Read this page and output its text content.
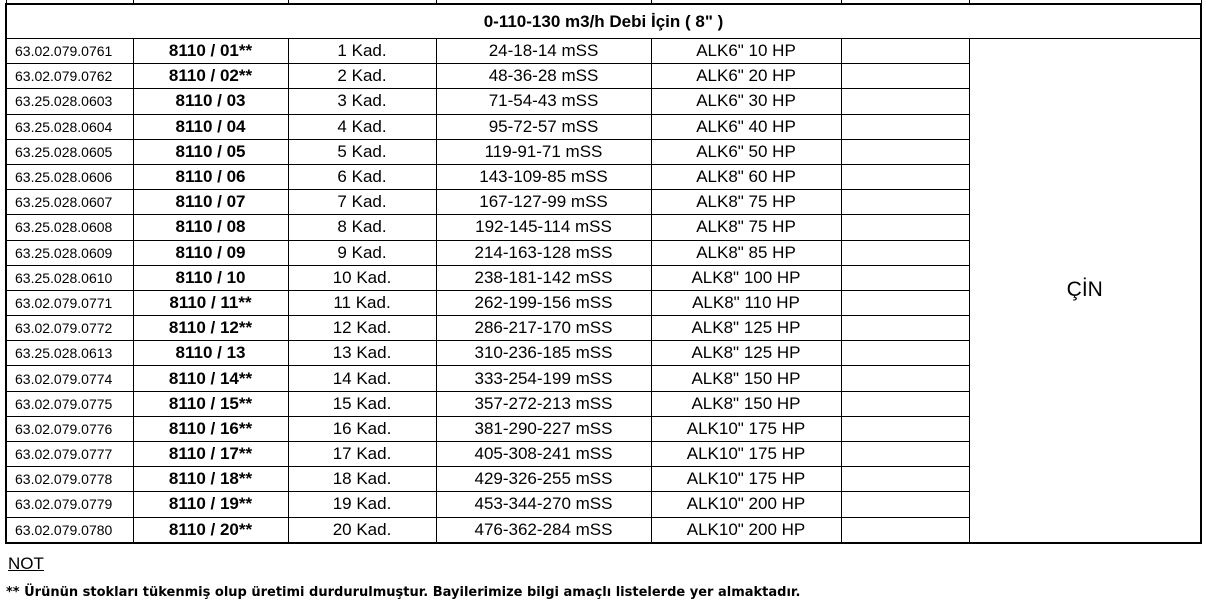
0-110-130 m3/h Debi İçin ( 8" )						
63.02.079.0761	8110 / 01**	1 Kad.	24-18-14 mSS	ALK6" 10 HP		ÇİN
63.02.079.0762	8110 / 02**	2 Kad.	48-36-28 mSS	ALK6" 20 HP		
63.25.028.0603	8110 / 03	3 Kad.	71-54-43 mSS	ALK6" 30 HP		
63.25.028.0604	8110 / 04	4 Kad.	95-72-57 mSS	ALK6" 40 HP		
63.25.028.0605	8110 / 05	5 Kad.	119-91-71 mSS	ALK6" 50 HP		
63.25.028.0606	8110 / 06	6 Kad.	143-109-85 mSS	ALK8" 60 HP		
63.25.028.0607	8110 / 07	7 Kad.	167-127-99 mSS	ALK8" 75 HP		
63.25.028.0608	8110 / 08	8 Kad.	192-145-114 mSS	ALK8" 75 HP		
63.25.028.0609	8110 / 09	9 Kad.	214-163-128 mSS	ALK8" 85 HP		
63.25.028.0610	8110 / 10	10 Kad.	238-181-142 mSS	ALK8" 100 HP		
63.02.079.0771	8110 / 11**	11 Kad.	262-199-156 mSS	ALK8" 110 HP		
63.02.079.0772	8110 / 12**	12 Kad.	286-217-170 mSS	ALK8" 125 HP		
63.25.028.0613	8110 / 13	13 Kad.	310-236-185 mSS	ALK8" 125 HP		
63.02.079.0774	8110 / 14**	14 Kad.	333-254-199 mSS	ALK8" 150 HP		
63.02.079.0775	8110 / 15**	15 Kad.	357-272-213 mSS	ALK8" 150 HP		
63.02.079.0776	8110 / 16**	16 Kad.	381-290-227 mSS	ALK10" 175 HP		
63.02.079.0777	8110 / 17**	17 Kad.	405-308-241 mSS	ALK10" 175 HP		
63.02.079.0778	8110 / 18**	18 Kad.	429-326-255 mSS	ALK10" 175 HP		
63.02.079.0779	8110 / 19**	19 Kad.	453-344-270 mSS	ALK10" 200 HP		
63.02.079.0780	8110 / 20**	20 Kad.	476-362-284 mSS	ALK10" 200 HP		
NOT
** Ürünün stokları tükenmiş olup üretimi durdurulmuştur. Bayilerimize bilgi amaçlı listelerde yer almaktadır.
